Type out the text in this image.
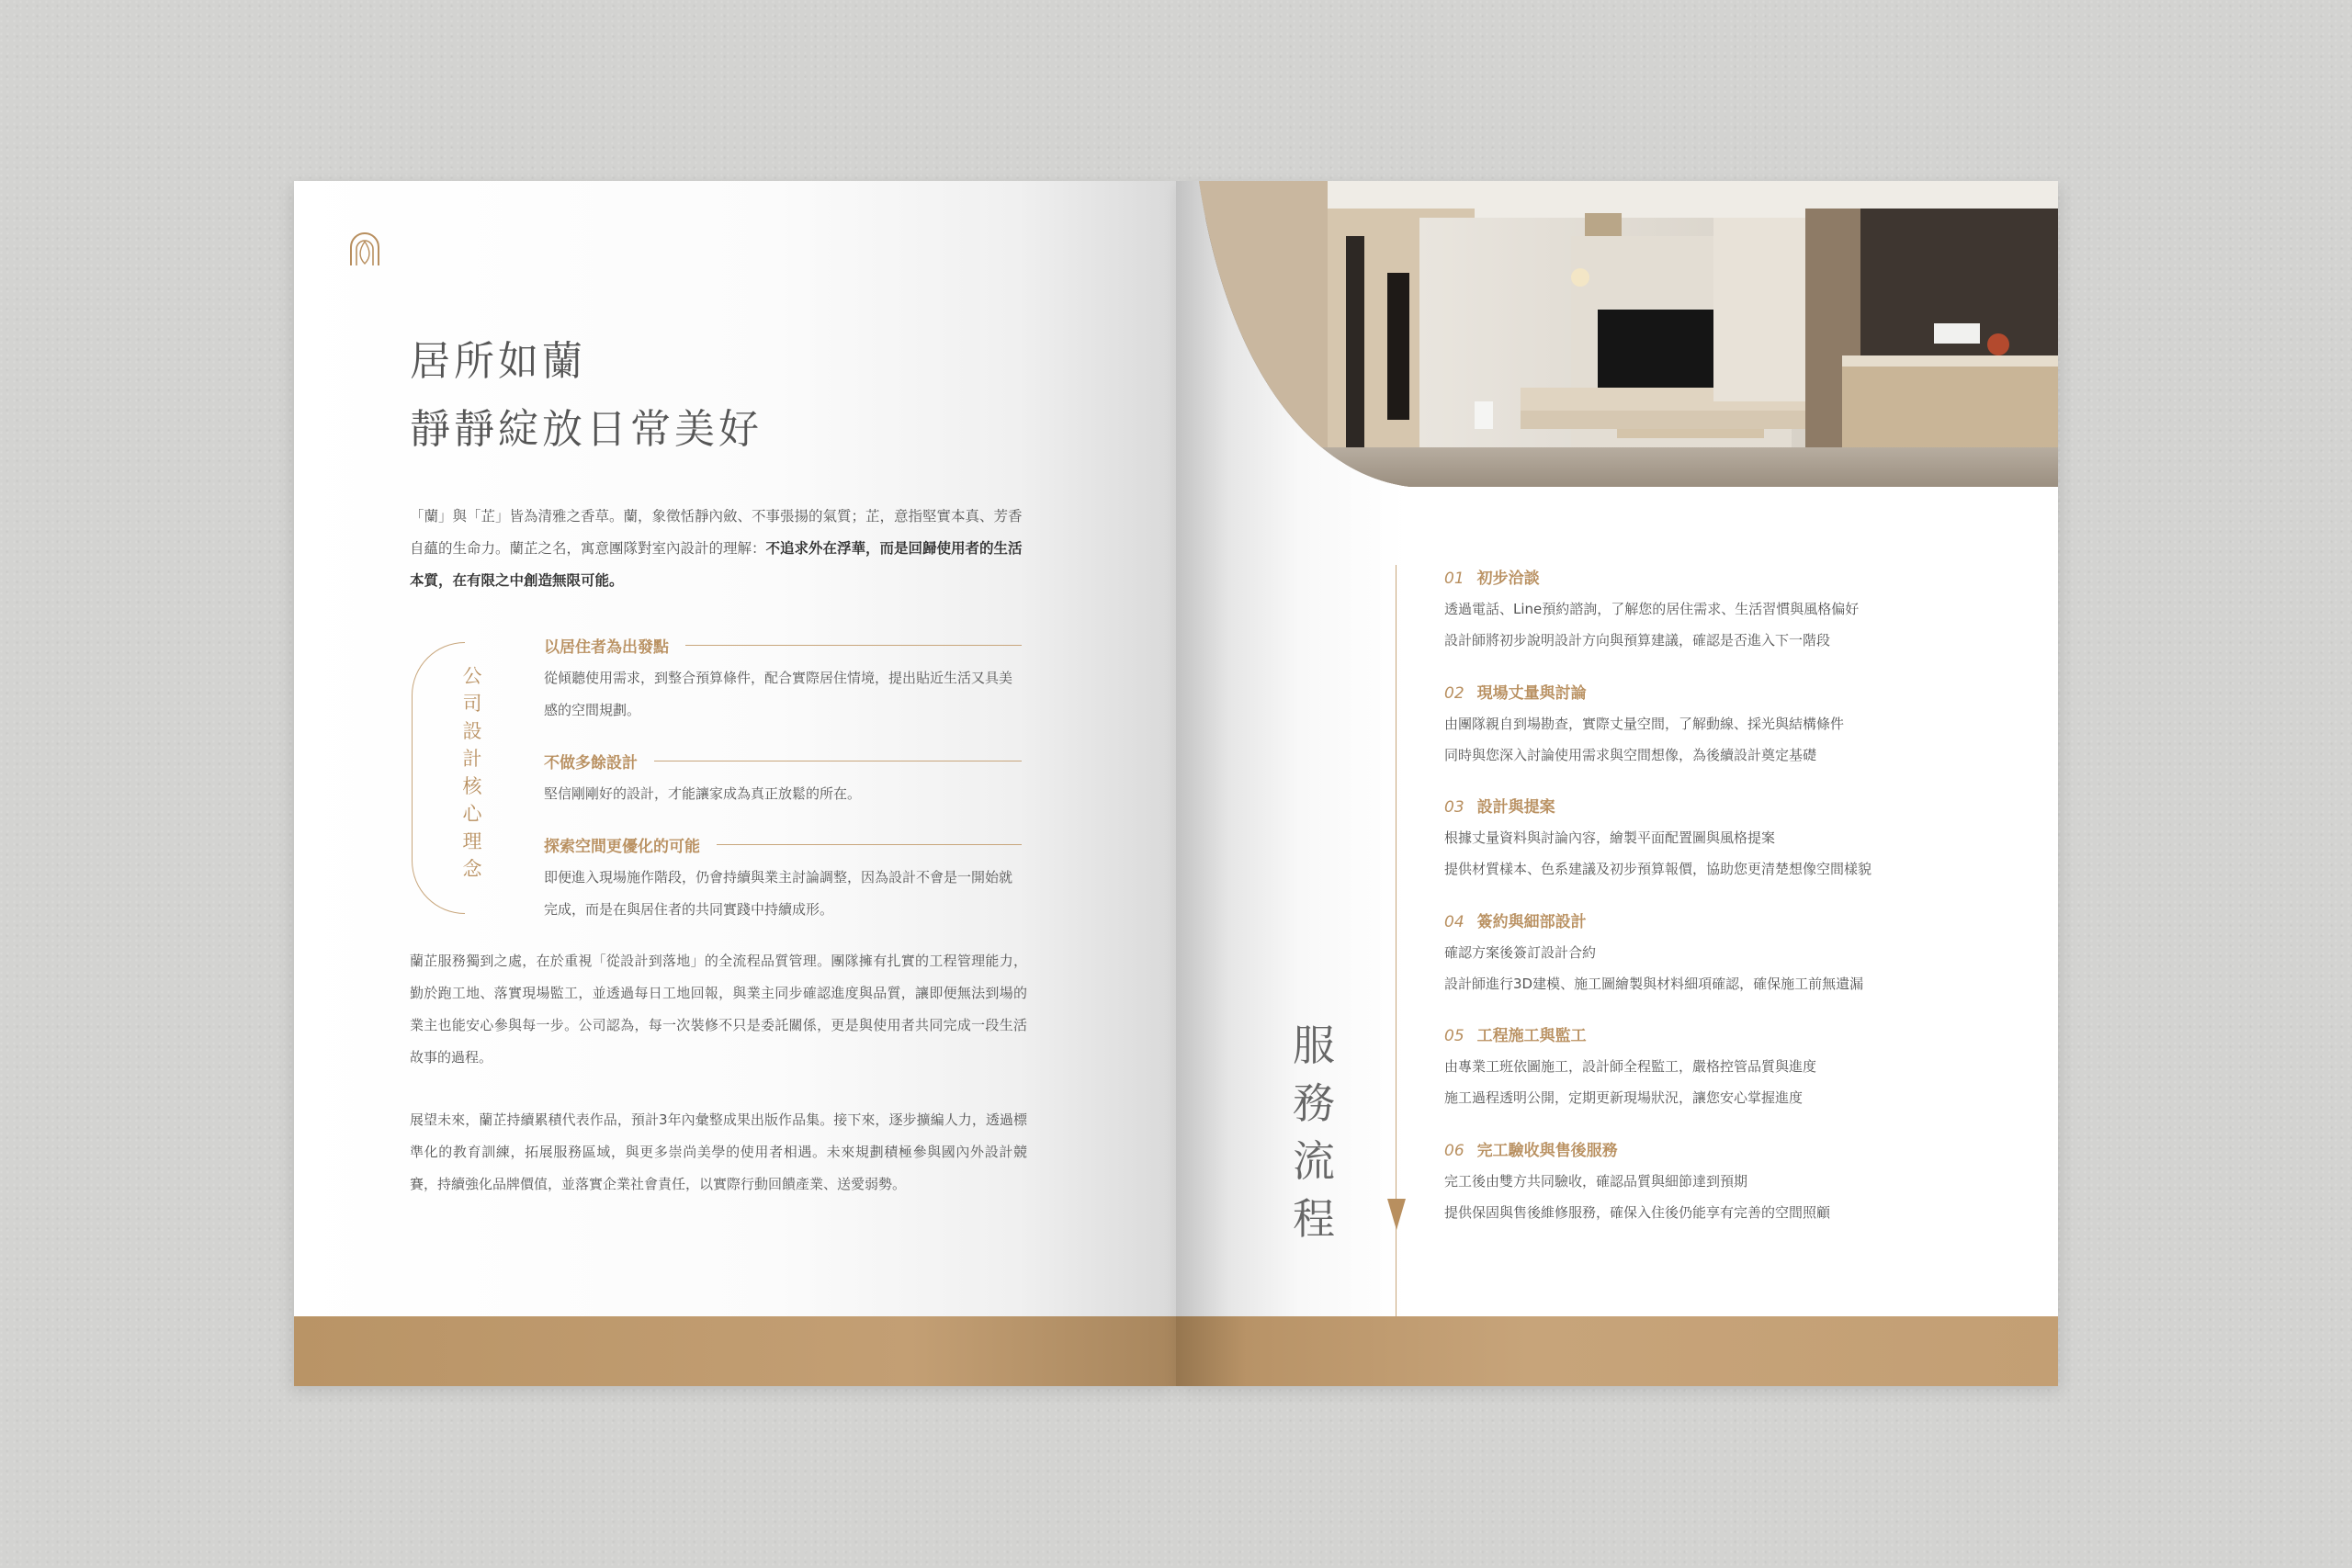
居所如蘭
靜靜綻放日常美好
「蘭」與「芷」皆為清雅之香草。蘭，象徵恬靜內斂、不事張揚的氣質；芷，意指堅實本真、芳香自蘊的生命力。蘭芷之名，寓意團隊對室內設計的理解：不追求外在浮華，而是回歸使用者的生活本質，在有限之中創造無限可能。
公司設計核心理念
以居住者為出發點
從傾聽使用需求，到整合預算條件，配合實際居住情境，提出貼近生活又具美感的空間規劃。
不做多餘設計
堅信剛剛好的設計，才能讓家成為真正放鬆的所在。
探索空間更優化的可能
即便進入現場施作階段，仍會持續與業主討論調整，因為設計不會是一開始就完成，而是在與居住者的共同實踐中持續成形。
蘭芷服務獨到之處，在於重視「從設計到落地」的全流程品質管理。團隊擁有扎實的工程管理能力，勤於跑工地、落實現場監工，並透過每日工地回報，與業主同步確認進度與品質，讓即便無法到場的業主也能安心參與每一步。公司認為，每一次裝修不只是委託關係，更是與使用者共同完成一段生活故事的過程。
展望未來，蘭芷持續累積代表作品，預計3年內彙整成果出版作品集。接下來，逐步擴編人力，透過標準化的教育訓練，拓展服務區域，與更多崇尚美學的使用者相遇。未來規劃積極參與國內外設計競賽，持續強化品牌價值，並落實企業社會責任，以實際行動回饋產業、送愛弱勢。
服務流程
01 初步洽談
透過電話、Line預約諮詢，了解您的居住需求、生活習慣與風格偏好
設計師將初步說明設計方向與預算建議，確認是否進入下一階段
02 現場丈量與討論
由團隊親自到場勘查，實際丈量空間，了解動線、採光與結構條件
同時與您深入討論使用需求與空間想像，為後續設計奠定基礎
03 設計與提案
根據丈量資料與討論內容，繪製平面配置圖與風格提案
提供材質樣本、色系建議及初步預算報價，協助您更清楚想像空間樣貌
04 簽約與細部設計
確認方案後簽訂設計合約
設計師進行3D建模、施工圖繪製與材料細項確認，確保施工前無遺漏
05 工程施工與監工
由專業工班依圖施工，設計師全程監工，嚴格控管品質與進度
施工過程透明公開，定期更新現場狀況，讓您安心掌握進度
06 完工驗收與售後服務
完工後由雙方共同驗收，確認品質與細節達到預期
提供保固與售後維修服務，確保入住後仍能享有完善的空間照顧
